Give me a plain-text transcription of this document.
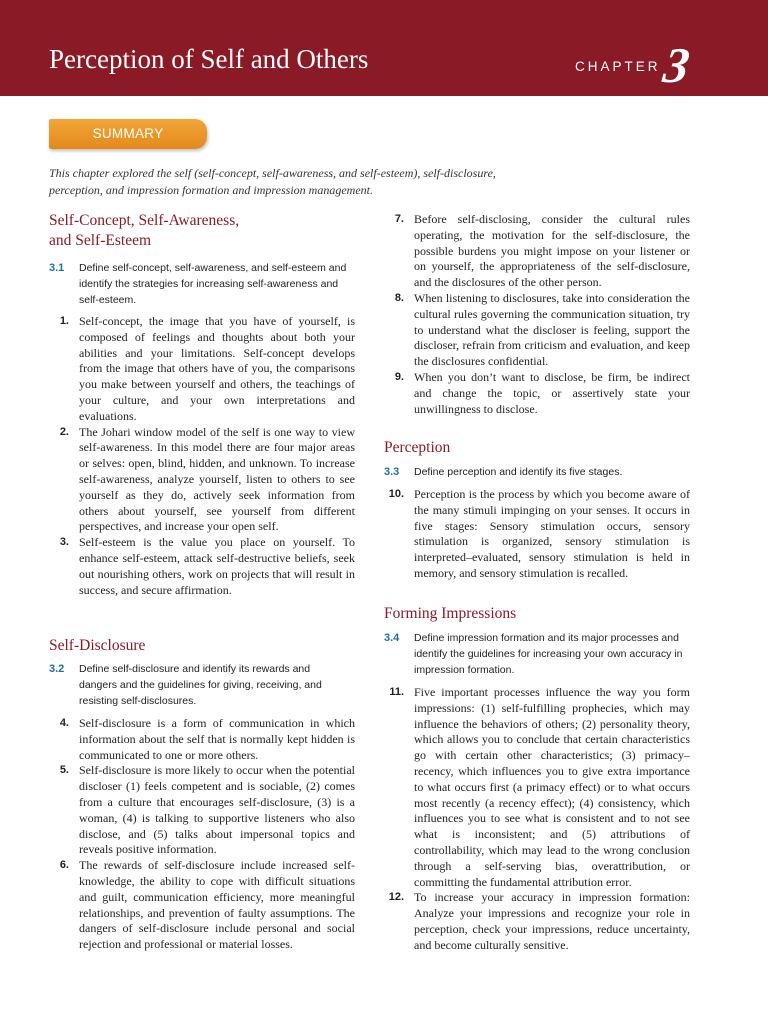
Perception of Self and Others	CHAPTER 3
SUMMARY

This chapter explored the self (self-concept, self-awareness, and self-esteem), self-disclosure, perception, and impression formation and impression management.

Self-Concept, Self-Awareness,
and Self-Esteem
3.1 Define self-concept, self-awareness, and self-esteem and identify the strategies for increasing self-awareness and self-esteem.

1. Self-concept, the image that you have of yourself, is composed of feelings and thoughts about both your abilities and your limitations. Self-concept develops from the image that others have of you, the comparisons you make between yourself and others, the teachings of your culture, and your own interpretations and evaluations.
2. The Johari window model of the self is one way to view self-awareness. In this model there are four major areas or selves: open, blind, hidden, and unknown. To increase self-awareness, analyze yourself, listen to others to see yourself as they do, actively seek information from others about yourself, see yourself from different perspectives, and increase your open self.
3. Self-esteem is the value you place on yourself. To enhance self-esteem, attack self-destructive beliefs, seek out nourishing others, work on projects that will result in success, and secure affirmation.
Self-Disclosure
3.2 Define self-disclosure and identify its rewards and dangers and the guidelines for giving, receiving, and resisting self-disclosures.

4. Self-disclosure is a form of communication in which information about the self that is normally kept hidden is communicated to one or more others.
5. Self-disclosure is more likely to occur when the potential discloser (1) feels competent and is sociable, (2) comes from a culture that encourages self-disclosure, (3) is a woman, (4) is talking to supportive listeners who also disclose, and (5) talks about impersonal topics and reveals positive information.
6. The rewards of self-disclosure include increased self-knowledge, the ability to cope with difficult situations and guilt, communication efficiency, more meaningful relationships, and prevention of faulty assumptions. The dangers of self-disclosure include personal and social rejection and professional or material losses.
7. Before self-disclosing, consider the cultural rules operating, the motivation for the self-disclosure, the possible burdens you might impose on your listener or on yourself, the appropriateness of the self-disclosure, and the disclosures of the other person.
8. When listening to disclosures, take into consideration the cultural rules governing the communication situation, try to understand what the discloser is feeling, support the discloser, refrain from criticism and evaluation, and keep the disclosures confidential.
9. When you don’t want to disclose, be firm, be indirect and change the topic, or assertively state your unwillingness to disclose.
Perception
3.3 Define perception and identify its five stages.

10. Perception is the process by which you become aware of the many stimuli impinging on your senses. It occurs in five stages: Sensory stimulation occurs, sensory stimulation is organized, sensory stimulation is interpreted–evaluated, sensory stimulation is held in memory, and sensory stimulation is recalled.
Forming Impressions
3.4 Define impression formation and its major processes and identify the guidelines for increasing your own accuracy in impression formation.

11. Five important processes influence the way you form impressions: (1) self-fulfilling prophecies, which may influence the behaviors of others; (2) personality theory, which allows you to conclude that certain characteristics go with certain other characteristics; (3) primacy–recency, which influences you to give extra importance to what occurs first (a primacy effect) or to what occurs most recently (a recency effect); (4) consistency, which influences you to see what is consistent and to not see what is inconsistent; and (5) attributions of controllability, which may lead to the wrong conclusion through a self-serving bias, overattribution, or committing the fundamental attribution error.
12. To increase your accuracy in impression formation: Analyze your impressions and recognize your role in perception, check your impressions, reduce uncertainty, and become culturally sensitive.
